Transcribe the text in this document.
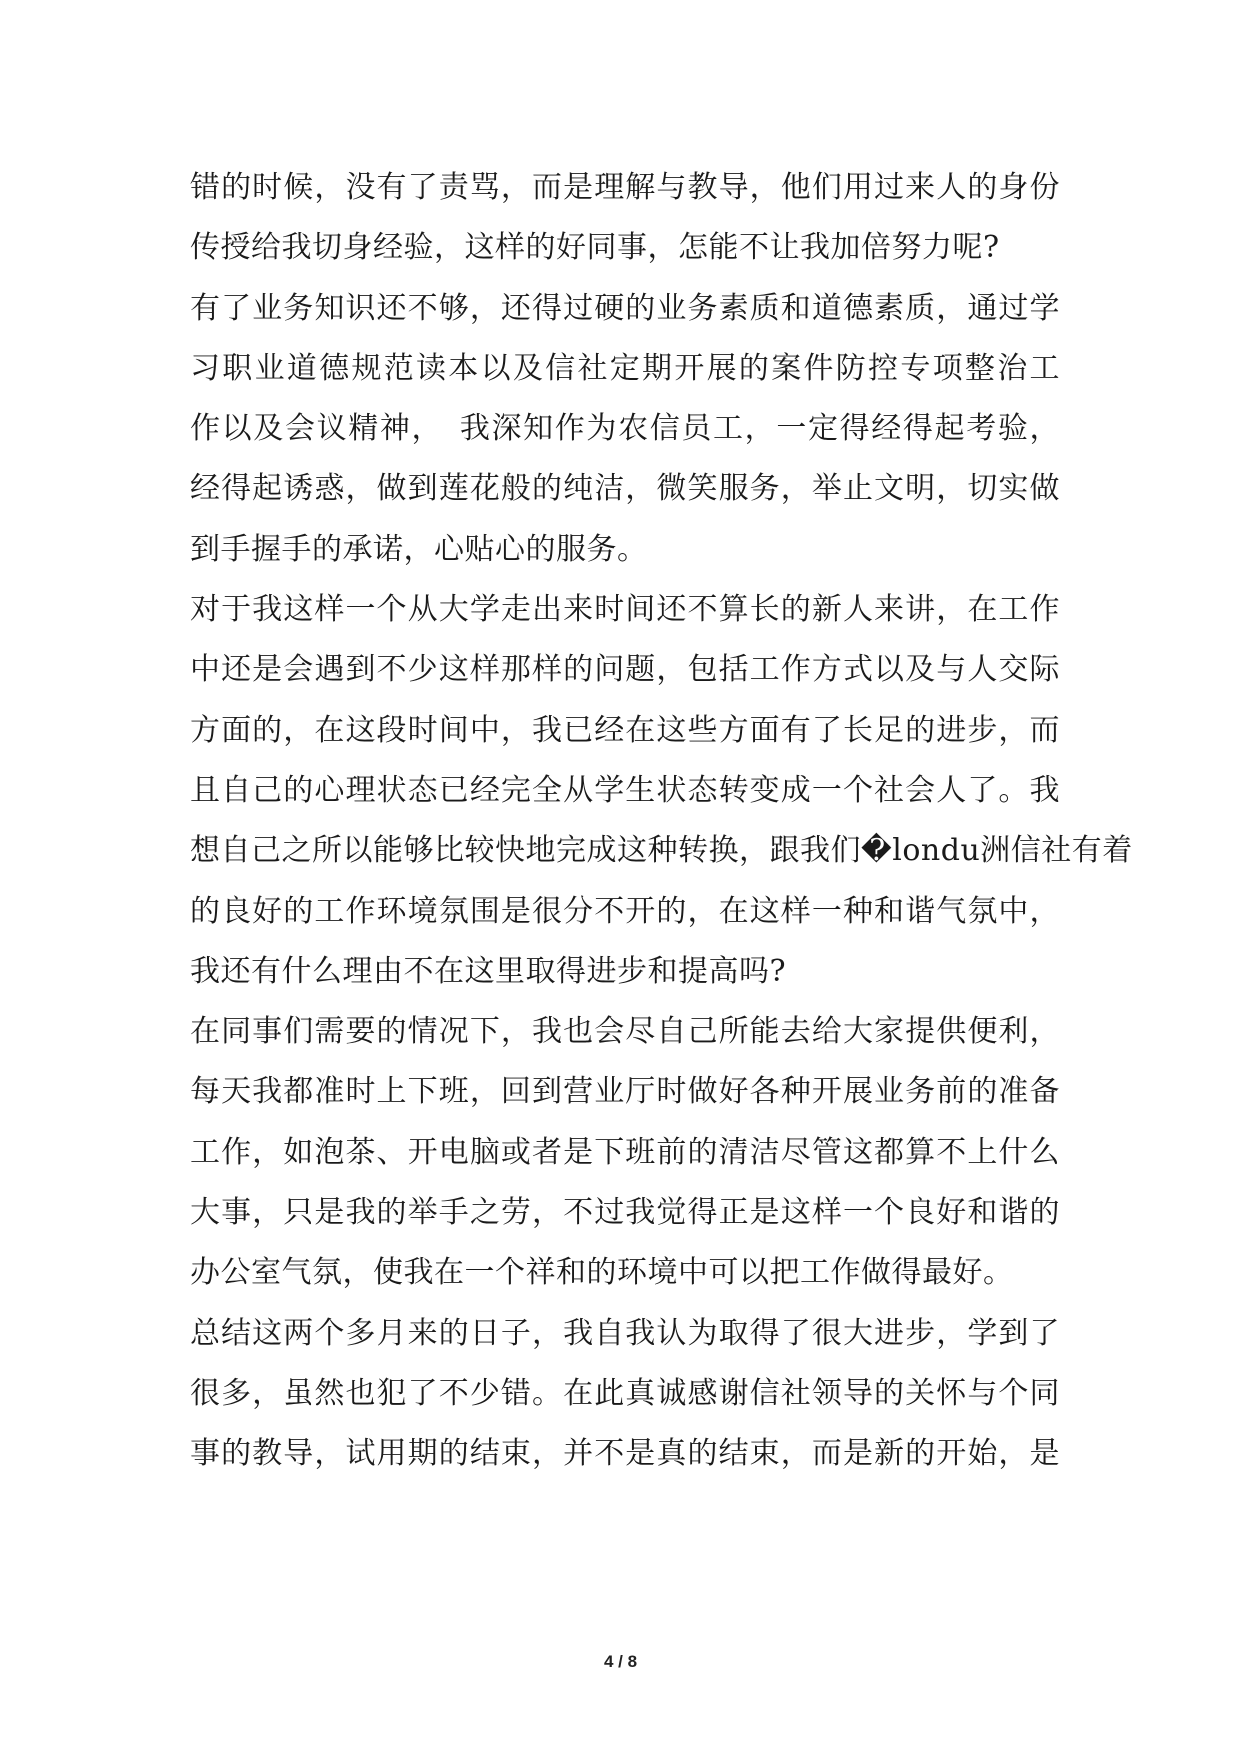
错的时候，没有了责骂，而是理解与教导，他们用过来人的身份
传授给我切身经验，这样的好同事，怎能不让我加倍努力呢?
有了业务知识还不够，还得过硬的业务素质和道德素质，通过学
习职业道德规范读本以及信社定期开展的案件防控专项整治工
作以及会议精神，　我深知作为农信员工，一定得经得起考验，
经得起诱惑，做到莲花般的纯洁，微笑服务，举止文明，切实做
到手握手的承诺，心贴心的服务。
对于我这样一个从大学走出来时间还不算长的新人来讲，在工作
中还是会遇到不少这样那样的问题，包括工作方式以及与人交际
方面的，在这段时间中，我已经在这些方面有了长足的进步，而
且自己的心理状态已经完全从学生状态转变成一个社会人了。我
想自己之所以能够比较快地完成这种转换，跟我们�londu洲信社有着
的良好的工作环境氛围是很分不开的，在这样一种和谐气氛中，
我还有什么理由不在这里取得进步和提高吗?
在同事们需要的情况下，我也会尽自己所能去给大家提供便利，
每天我都准时上下班，回到营业厅时做好各种开展业务前的准备
工作，如泡茶、开电脑或者是下班前的清洁尽管这都算不上什么
大事，只是我的举手之劳，不过我觉得正是这样一个良好和谐的
办公室气氛，使我在一个祥和的环境中可以把工作做得最好。
总结这两个多月来的日子，我自我认为取得了很大进步，学到了
很多，虽然也犯了不少错。在此真诚感谢信社领导的关怀与个同
事的教导，试用期的结束，并不是真的结束，而是新的开始，是
4 / 8
